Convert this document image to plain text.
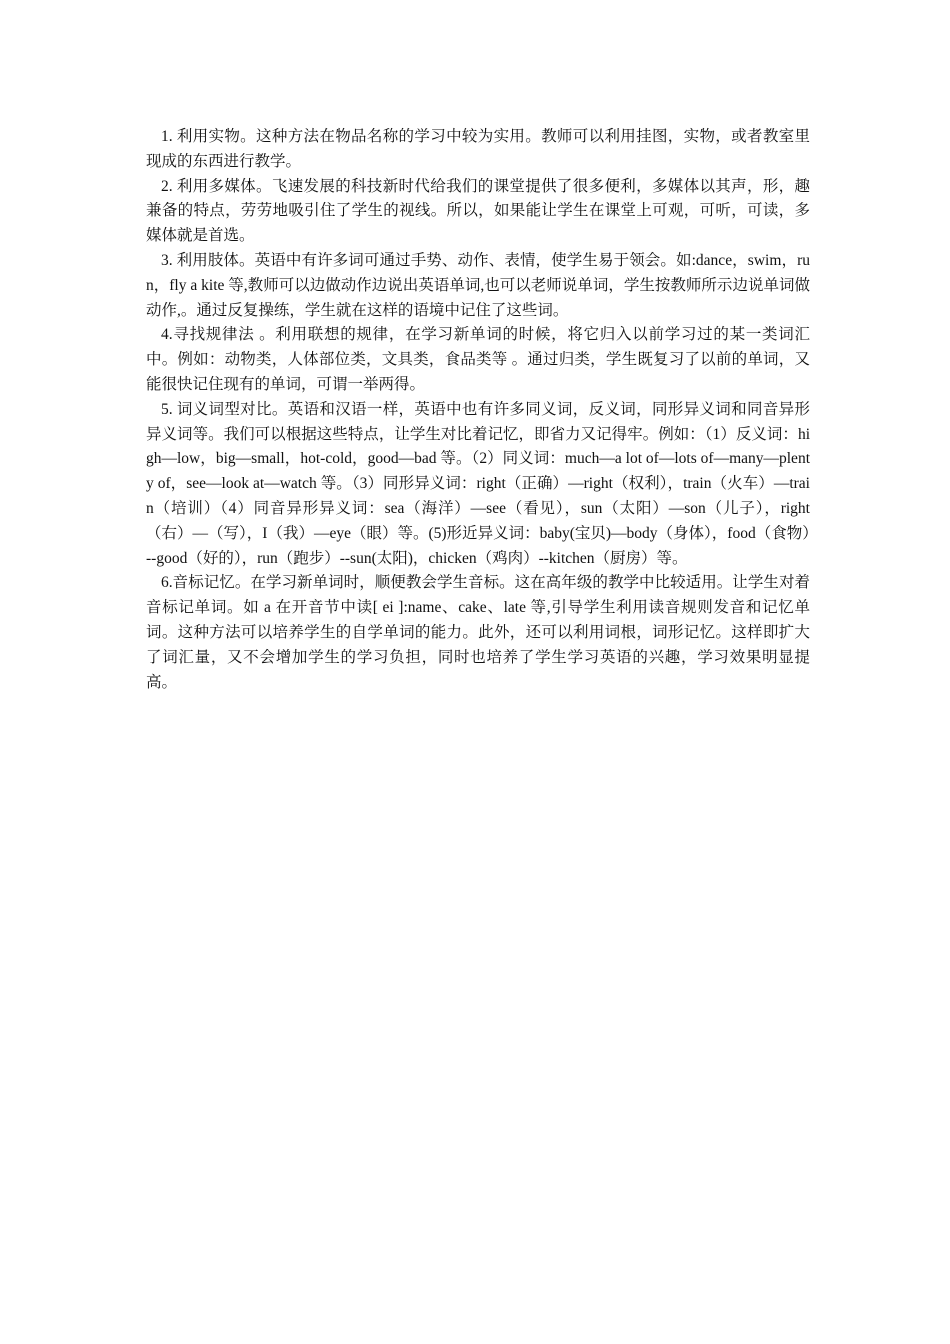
1. 利用实物。这种方法在物品名称的学习中较为实用。教师可以利用挂图，实物，或者教室里现成的东西进行教学。

2. 利用多媒体。飞速发展的科技新时代给我们的课堂提供了很多便利，多媒体以其声，形，趣兼备的特点，劳劳地吸引住了学生的视线。所以，如果能让学生在课堂上可观，可听，可读，多媒体就是首选。

3. 利用肢体。英语中有许多词可通过手势、动作、表情，使学生易于领会。如:dance，swim，run，fly a kite 等,教师可以边做动作边说出英语单词,也可以老师说单词，学生按教师所示边说单词做动作,。通过反复操练，学生就在这样的语境中记住了这些词。

4.寻找规律法 。利用联想的规律，在学习新单词的时候，将它归入以前学习过的某一类词汇中。例如：动物类，人体部位类，文具类，食品类等 。通过归类，学生既复习了以前的单词，又能很快记住现有的单词，可谓一举两得。

5. 词义词型对比。英语和汉语一样，英语中也有许多同义词，反义词，同形异义词和同音异形异义词等。我们可以根据这些特点，让学生对比着记忆，即省力又记得牢。例如：（1）反义词：high—low，big—small，hot-cold，good—bad 等。（2）同义词：much—a lot of—lots of—many—plenty of，see—look at—watch 等。（3）同形异义词：right（正确）—right（权利），train（火车）—train（培训）（4）同音异形异义词：sea（海洋）—see（看见），sun（太阳）—son（儿子），right（右）—（写），I（我）—eye（眼）等。(5)形近异义词：baby(宝贝)—body（身体），food（食物）--good（好的），run（跑步）--sun(太阳)，chicken（鸡肉）--kitchen（厨房）等。

6.音标记忆。在学习新单词时，顺便教会学生音标。这在高年级的教学中比较适用。让学生对着音标记单词。如 a 在开音节中读[ ei ]:name、cake、late 等,引导学生利用读音规则发音和记忆单词。这种方法可以培养学生的自学单词的能力。此外，还可以利用词根，词形记忆。这样即扩大了词汇量，又不会增加学生的学习负担，同时也培养了学生学习英语的兴趣，学习效果明显提高。
